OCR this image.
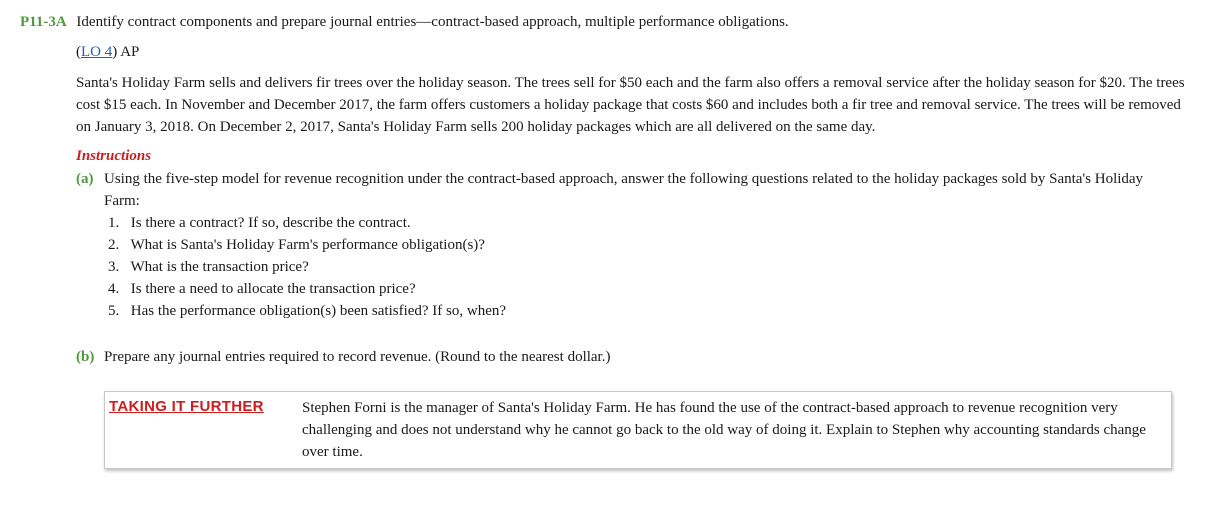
P11-3A Identify contract components and prepare journal entries—contract-based approach, multiple performance obligations.
(LO 4) AP
Santa's Holiday Farm sells and delivers fir trees over the holiday season. The trees sell for $50 each and the farm also offers a removal service after the holiday season for $20. The trees cost $15 each. In November and December 2017, the farm offers customers a holiday package that costs $60 and includes both a fir tree and removal service. The trees will be removed on January 3, 2018. On December 2, 2017, Santa's Holiday Farm sells 200 holiday packages which are all delivered on the same day.
Instructions
(a) Using the five-step model for revenue recognition under the contract-based approach, answer the following questions related to the holiday packages sold by Santa's Holiday Farm:
1. Is there a contract? If so, describe the contract.
2. What is Santa's Holiday Farm's performance obligation(s)?
3. What is the transaction price?
4. Is there a need to allocate the transaction price?
5. Has the performance obligation(s) been satisfied? If so, when?
(b) Prepare any journal entries required to record revenue. (Round to the nearest dollar.)
TAKING IT FURTHER	Stephen Forni is the manager of Santa's Holiday Farm. He has found the use of the contract-based approach to revenue recognition very challenging and does not understand why he cannot go back to the old way of doing it. Explain to Stephen why accounting standards change over time.
